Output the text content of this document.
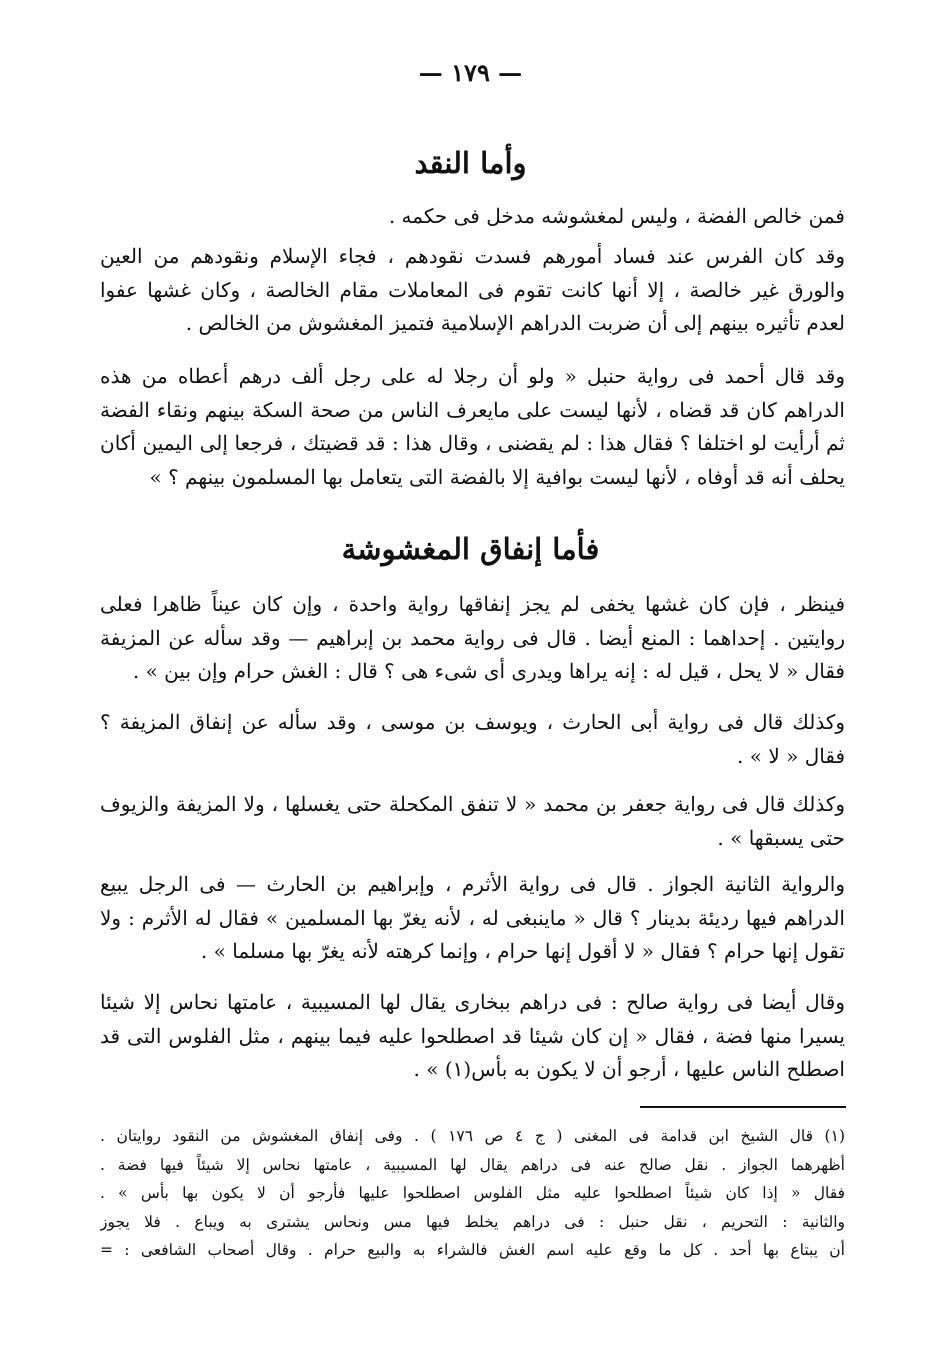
— ١٧٩ —
وأما النقد

فمن خالص الفضة ، وليس لمغشوشه مدخل فى حكمه .

وقد كان الفرس عند فساد أمورهم فسدت نقودهم ، فجاء الإسلام ونقودهم من العين والورق غير خالصة ، إلا أنها كانت تقوم فى المعاملات مقام الخالصة ، وكان غشها عفوا لعدم تأثيره بينهم إلى أن ضربت الدراهم الإسلامية فتميز المغشوش من الخالص .

وقد قال أحمد فى رواية حنبل « ولو أن رجلا له على رجل ألف درهم أعطاه من هذه الدراهم كان قد قضاه ، لأنها ليست على مايعرف الناس من صحة السكة بينهم ونقاء الفضة ثم أرأيت لو اختلفا ؟ فقال هذا : لم يقضنى ، وقال هذا : قد قضيتك ، فرجعا إلى اليمين أكان يحلف أنه قد أوفاه ، لأنها ليست بوافية إلا بالفضة التى يتعامل بها المسلمون بينهم ؟ »

فأما إنفاق المغشوشة

فينظر ، فإن كان غشها يخفى لم يجز إنفاقها رواية واحدة ، وإن كان عيناً ظاهرا فعلى روايتين . إحداهما : المنع أيضا . قال فى رواية محمد بن إبراهيم — وقد سأله عن المزيفة فقال « لا يحل ، قيل له : إنه يراها ويدرى أى شىء هى ؟ قال : الغش حرام وإن بين » .

وكذلك قال فى رواية أبى الحارث ، ويوسف بن موسى ، وقد سأله عن إنفاق المزيفة ؟ فقال « لا » .

وكذلك قال فى رواية جعفر بن محمد « لا تنفق المكحلة حتى يغسلها ، ولا المزيفة والزيوف حتى يسبقها » .

والرواية الثانية الجواز . قال فى رواية الأثرم ، وإبراهيم بن الحارث — فى الرجل يبيع الدراهم فيها رديئة بدينار ؟ قال « ماينبغى له ، لأنه يغرّ بها المسلمين » فقال له الأثرم : ولا تقول إنها حرام ؟ فقال « لا أقول إنها حرام ، وإنما كرهته لأنه يغرّ بها مسلما » .

وقال أيضا فى رواية صالح : فى دراهم ببخارى يقال لها المسيبية ، عامتها نحاس إلا شيئا يسيرا منها فضة ، فقال « إن كان شيئا قد اصطلحوا عليه فيما بينهم ، مثل الفلوس التى قد اصطلح الناس عليها ، أرجو أن لا يكون به بأس(١) » .

(١) قال الشيخ ابن قدامة فى المغنى ( ج ٤ ص ١٧٦ ) . وفى إنفاق المغشوش من النقود روايتان .
أظهرهما الجواز . نقل صالح عنه فى دراهم يقال لها المسيبية ، عامتها نحاس إلا شيئاً فيها فضة .
فقال « إذا كان شيئاً اصطلحوا عليه مثل الفلوس اصطلحوا عليها فأرجو أن لا يكون بها بأس » .
والثانية : التحريم ، نقل حنبل : فى دراهم يخلط فيها مس ونحاس يشترى به ويباع . فلا يجوز
أن يبتاع بها أحد . كل ما وقع عليه اسم الغش فالشراء به والبيع حرام . وقال أصحاب الشافعى : =
